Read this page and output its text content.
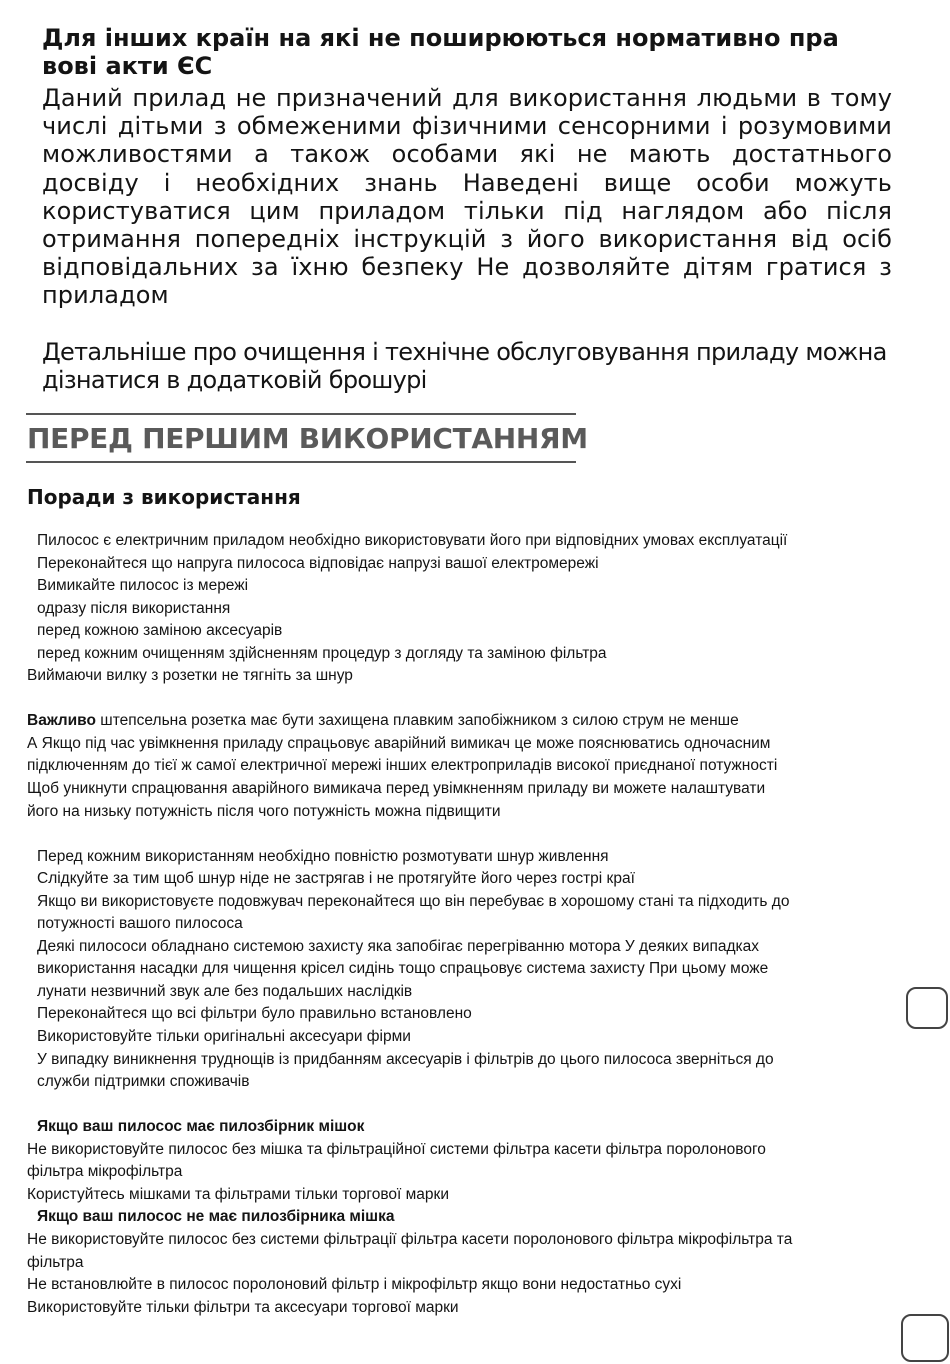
Для інших країн на які не поширюються нормативно пра вові акти ЄС

Даний прилад не призначений для використання людьми в тому числі дітьми з обмеженими фізичними сенсорними і розумовими можливостями а також особами які не мають достатнього досвіду і необхідних знань Наведені вище особи можуть користуватися цим приладом тільки під наглядом або після отримання попередніх інструкцій з його використання від осіб відповідальних за їхню безпеку Не дозволяйте дітям гратися з приладом

Детальніше про очищення і технічне обслуговування приладу можна дізнатися в додатковій брошурі

ПЕРЕД ПЕРШИМ ВИКОРИСТАННЯМ
Поради з використання
Пилосос є електричним приладом необхідно використовувати його при відповідних умовах експлуатації
Переконайтеся що напруга пилососа відповідає напрузі вашої електромережі
Вимикайте пилосос із мережі
одразу після використання
перед кожною заміною аксесуарів
перед кожним очищенням здійсненням процедур з догляду та заміною фільтра
Виймаючи вилку з розетки не тягніть за шнур
Важливо штепсельна розетка має бути захищена плавким запобіжником з силою струм не менше
А Якщо під час увімкнення приладу спрацьовує аварійний вимикач це може пояснюватись одночасним
підключенням до тієї ж самої електричної мережі інших електроприладів високої приєднаної потужності
Щоб уникнути спрацювання аварійного вимикача перед увімкненням приладу ви можете налаштувати
його на низьку потужність після чого потужність можна підвищити
Перед кожним використанням необхідно повністю розмотувати шнур живлення
Слідкуйте за тим щоб шнур ніде не застрягав і не протягуйте його через гострі краї
Якщо ви використовуєте подовжувач переконайтеся що він перебуває в хорошому стані та підходить до
потужності вашого пилососа
Деякі пилососи обладнано системою захисту яка запобігає перегріванню мотора У деяких випадках
використання насадки для чищення крісел сидінь тощо спрацьовує система захисту При цьому може
лунати незвичний звук але без подальших наслідків
Переконайтеся що всі фільтри було правильно встановлено
Використовуйте тільки оригінальні аксесуари фірми
У випадку виникнення труднощів із придбанням аксесуарів і фільтрів до цього пилососа зверніться до
служби підтримки споживачів
Якщо ваш пилосос має пилозбірник мішок
Не використовуйте пилосос без мішка та фільтраційної системи фільтра касети фільтра поролонового
фільтра мікрофільтра
Користуйтесь мішками та фільтрами тільки торгової марки
Якщо ваш пилосос не має пилозбірника мішка
Не використовуйте пилосос без системи фільтрації фільтра касети поролонового фільтра мікрофільтра та
фільтра
Не встановлюйте в пилосос поролоновий фільтр і мікрофільтр якщо вони недостатньо сухі
Використовуйте тільки фільтри та аксесуари торгової марки
